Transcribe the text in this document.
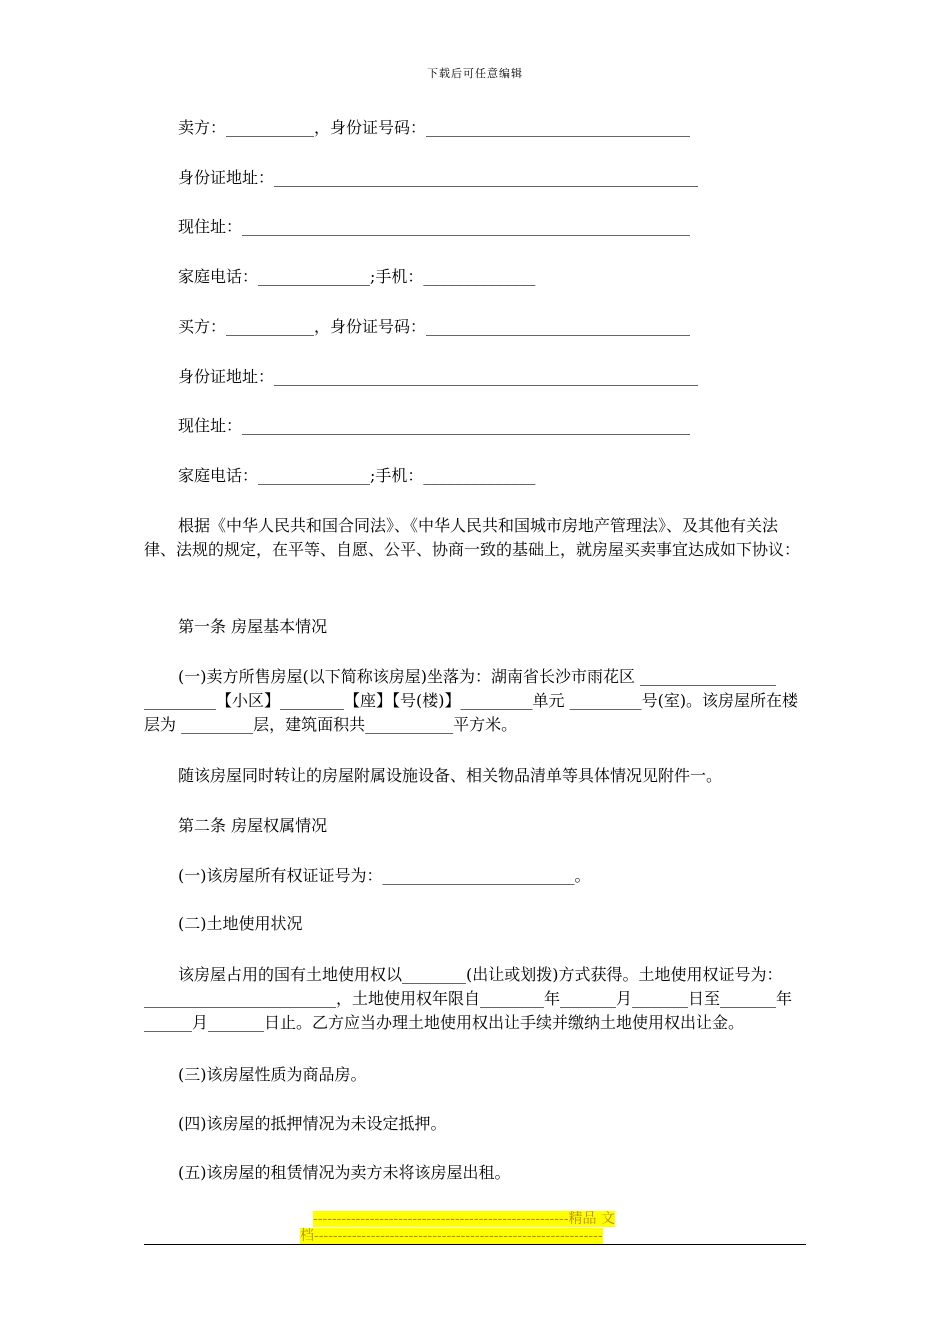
下载后可任意编辑
卖方：___________，身份证号码：_________________________________
身份证地址：_____________________________________________________
现住址：________________________________________________________
家庭电话：______________;手机：______________
买方：___________，身份证号码：_________________________________
身份证地址：_____________________________________________________
现住址：________________________________________________________
家庭电话：______________;手机：______________
根据《中华人民共和国合同法》、《中华人民共和国城市房地产管理法》、及其他有关法律、法规的规定，在平等、自愿、公平、协商一致的基础上，就房屋买卖事宜达成如下协议：
第一条 房屋基本情况
(一)卖方所售房屋(以下简称该房屋)坐落为：湖南省长沙市雨花区 _________________ _________【小区】________【座】【号(楼)】_________单元 _________号(室)。该房屋所在楼层为 _________层，建筑面积共___________平方米。
随该房屋同时转让的房屋附属设施设备、相关物品清单等具体情况见附件一。
第二条 房屋权属情况
(一)该房屋所有权证证号为：________________________。
(二)土地使用状况
该房屋占用的国有土地使用权以________(出让或划拨)方式获得。土地使用权证号为：________________________，土地使用权年限自________年_______月_______日至_______年______月_______日止。乙方应当办理土地使用权出让手续并缴纳土地使用权出让金。
(三)该房屋性质为商品房。
(四)该房屋的抵押情况为未设定抵押。
(五)该房屋的租赁情况为卖方未将该房屋出租。
------------------------------------------------------精品 文
档-------------------------------------------------------------
